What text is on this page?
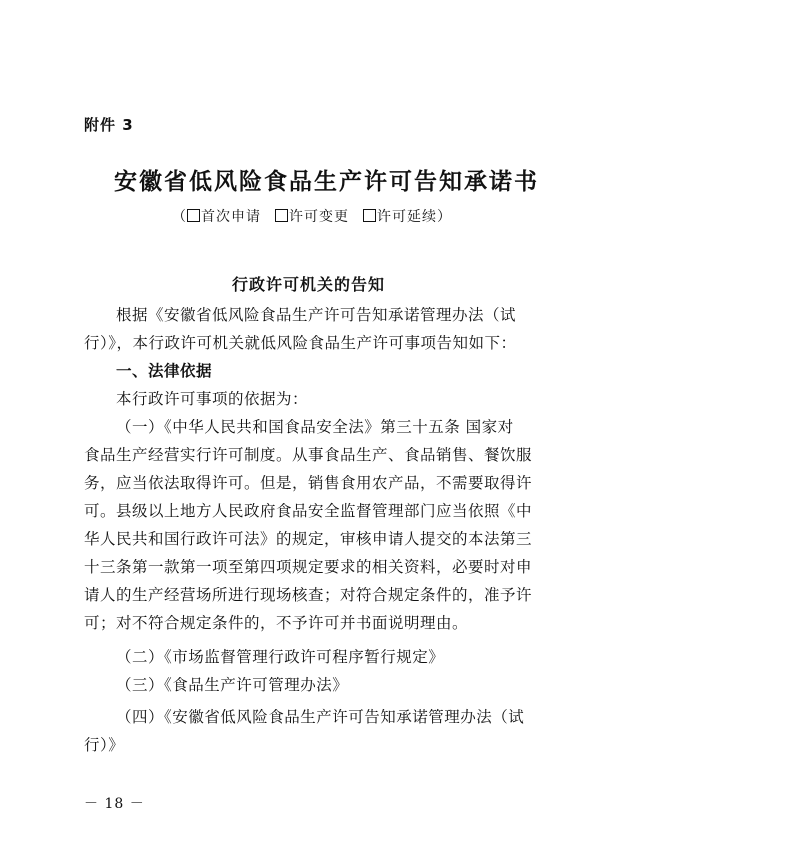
附件 3
安徽省低风险食品生产许可告知承诺书
（ 首次申请 许可变更 许可延续）
行政许可机关的告知
根据《安徽省低风险食品生产许可告知承诺管理办法（试
行）》，本行政许可机关就低风险食品生产许可事项告知如下：
一、法律依据
本行政许可事项的依据为：
（一）《中华人民共和国食品安全法》第三十五条 国家对
食品生产经营实行许可制度。从事食品生产、食品销售、餐饮服
务，应当依法取得许可。但是，销售食用农产品，不需要取得许
可。县级以上地方人民政府食品安全监督管理部门应当依照《中
华人民共和国行政许可法》的规定，审核申请人提交的本法第三
十三条第一款第一项至第四项规定要求的相关资料，必要时对申
请人的生产经营场所进行现场核查；对符合规定条件的，准予许
可；对不符合规定条件的，不予许可并书面说明理由。
（二）《市场监督管理行政许可程序暂行规定》
（三）《食品生产许可管理办法》
（四）《安徽省低风险食品生产许可告知承诺管理办法（试
行）》
－ 18 －
